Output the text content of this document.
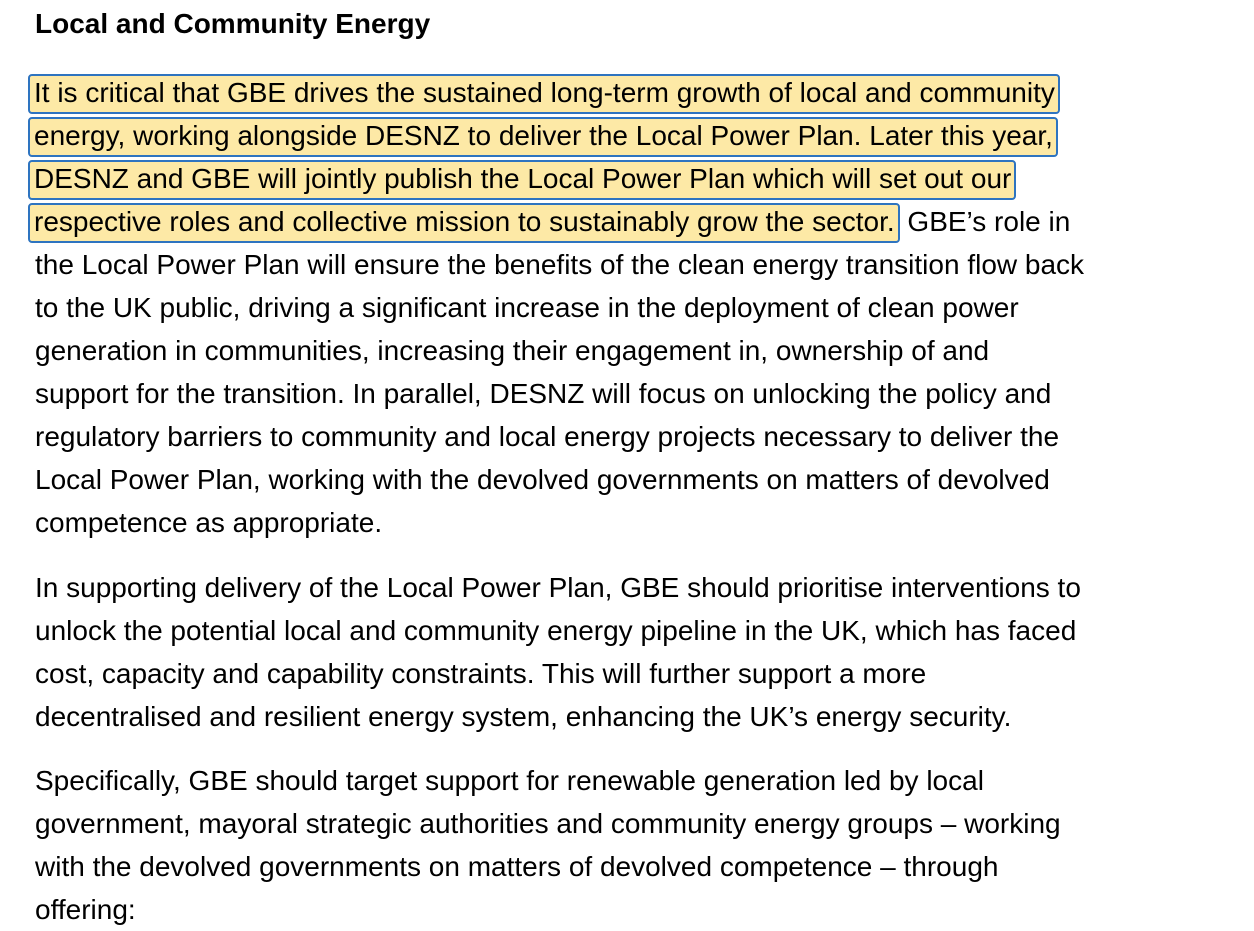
Local and Community Energy
It is critical that GBE drives the sustained long-term growth of local and community
energy, working alongside DESNZ to deliver the Local Power Plan. Later this year,
DESNZ and GBE will jointly publish the Local Power Plan which will set out our
respective roles and collective mission to sustainably grow the sector. GBE’s role in
the Local Power Plan will ensure the benefits of the clean energy transition flow back
to the UK public, driving a significant increase in the deployment of clean power
generation in communities, increasing their engagement in, ownership of and
support for the transition. In parallel, DESNZ will focus on unlocking the policy and
regulatory barriers to community and local energy projects necessary to deliver the
Local Power Plan, working with the devolved governments on matters of devolved
competence as appropriate.
In supporting delivery of the Local Power Plan, GBE should prioritise interventions to
unlock the potential local and community energy pipeline in the UK, which has faced
cost, capacity and capability constraints. This will further support a more
decentralised and resilient energy system, enhancing the UK’s energy security.
Specifically, GBE should target support for renewable generation led by local
government, mayoral strategic authorities and community energy groups – working
with the devolved governments on matters of devolved competence – through
offering:
